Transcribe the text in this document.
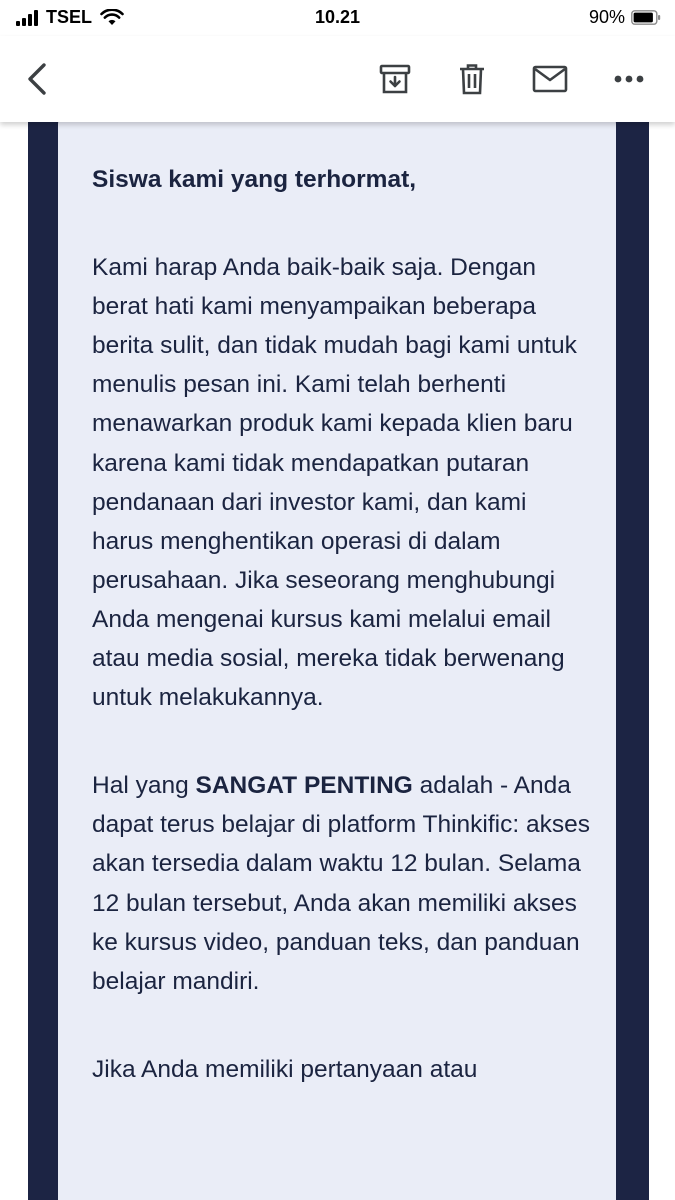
TSEL	10.21	90%

Siswa kami yang terhormat,

Kami harap Anda baik-baik saja. Dengan berat hati kami menyampaikan beberapa berita sulit, dan tidak mudah bagi kami untuk menulis pesan ini. Kami telah berhenti menawarkan produk kami kepada klien baru karena kami tidak mendapatkan putaran pendanaan dari investor kami, dan kami harus menghentikan operasi di dalam perusahaan. Jika seseorang menghubungi Anda mengenai kursus kami melalui email atau media sosial, mereka tidak berwenang untuk melakukannya.

Hal yang SANGAT PENTING adalah - Anda dapat terus belajar di platform Thinkific: akses akan tersedia dalam waktu 12 bulan. Selama 12 bulan tersebut, Anda akan memiliki akses ke kursus video, panduan teks, dan panduan belajar mandiri.

Jika Anda memiliki pertanyaan atau
